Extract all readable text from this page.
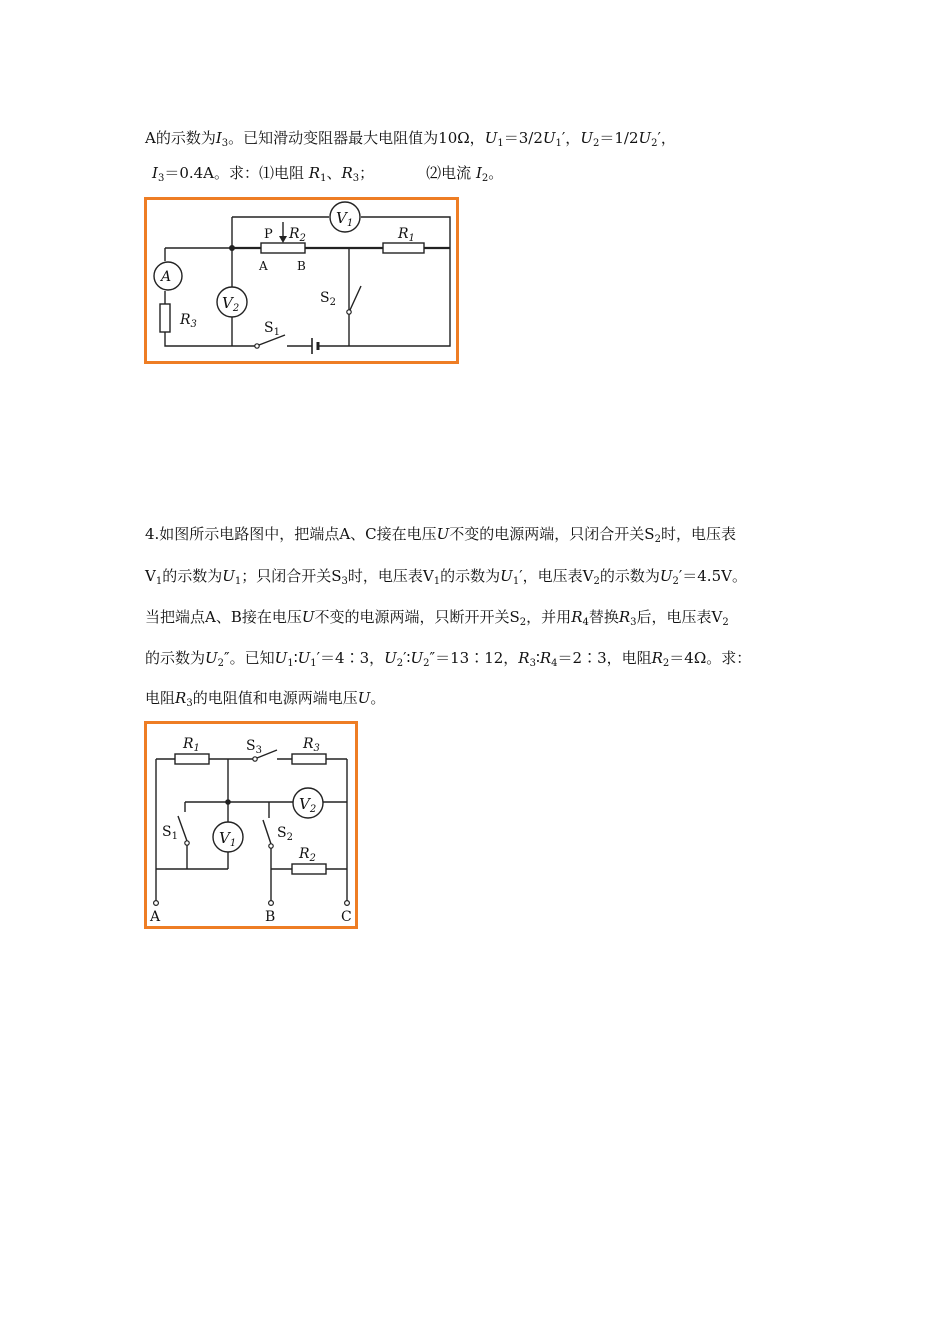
A的示数为$I_3$。已知滑动变阻器最大电阻值为10Ω，$U_1=3/2U_1'$，$U_2=1/2U_2'$，
$I_3=0.4A$。求：⑴电阻 $R_1$、$R_3$；	⑵电流 $I_2$。
$V_1$
P $R_2$	$R_1$
A B
A
$R_3$
$V_2$
$S_1$
$S_2$
4.如图所示电路图中，把端点A、C接在电压U不变的电源两端，只闭合开关$S_2$时，电压表
$V_1$的示数为$U_1$；只闭合开关$S_3$时，电压表$V_1$的示数为$U_1'$，电压表$V_2$的示数为$U_2'=4.5V$。
当把端点A、B接在电压U不变的电源两端，只断开开关$S_2$，并用$R_4$替换$R_3$后，电压表$V_2$
的示数为$U_2''$。已知$U_1∶U_1'=4∶3$，$U_2'∶U_2''=13∶12$，$R_3∶R_4=2∶3$，电阻$R_2=4\Omega$。求：
电阻$R_3$的电阻值和电源两端电压U。
$R_1$	$S_3$	$R_3$
$V_2$
$S_1$	$V_1$
A
$S_2$
B
$R_2$
C
